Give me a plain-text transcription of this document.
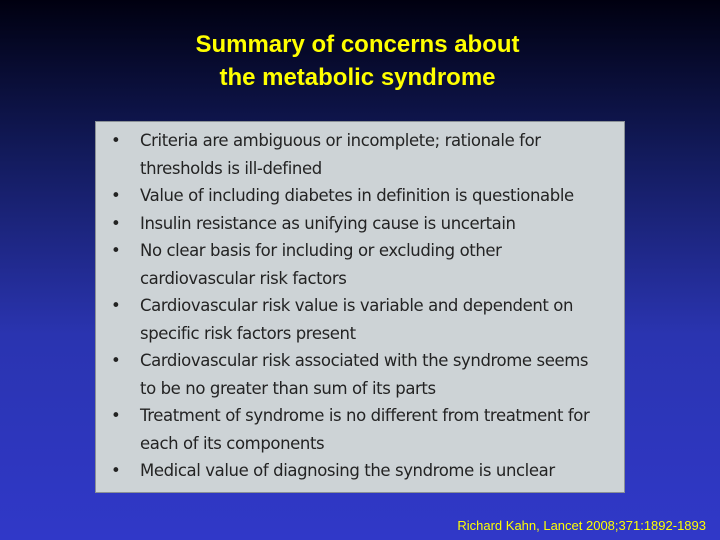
Summary of concerns about
the metabolic syndrome
• Criteria are ambiguous or incomplete; rationale for
thresholds is ill-defined
• Value of including diabetes in definition is questionable
• Insulin resistance as unifying cause is uncertain
• No clear basis for including or excluding other
cardiovascular risk factors
• Cardiovascular risk value is variable and dependent on
specific risk factors present
• Cardiovascular risk associated with the syndrome seems
to be no greater than sum of its parts
• Treatment of syndrome is no different from treatment for
each of its components
• Medical value of diagnosing the syndrome is unclear
Richard Kahn, Lancet 2008;371:1892-1893
